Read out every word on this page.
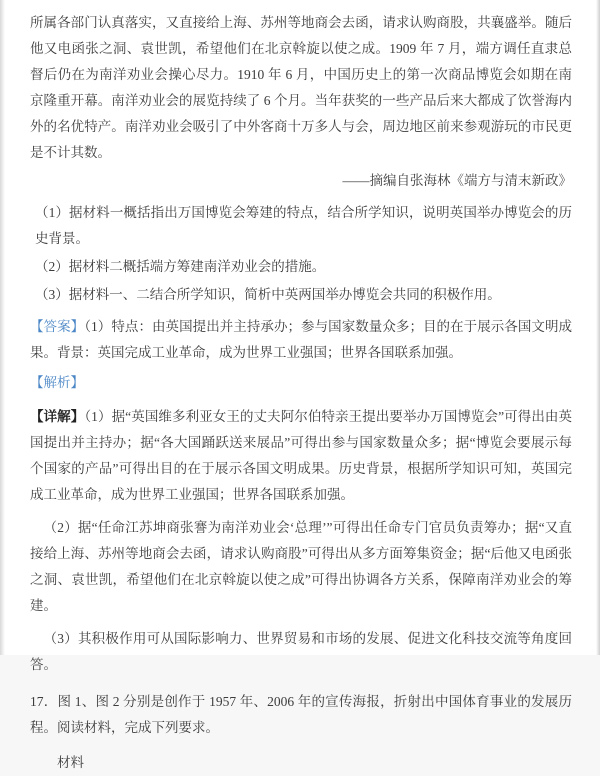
所属各部门认真落实，又直接给上海、苏州等地商会去函，请求认购商股，共襄盛举。随后他又电函张之洞、袁世凯，希望他们在北京斡旋以使之成。1909 年 7 月，端方调任直隶总督后仍在为南洋劝业会操心尽力。1910 年 6 月，中国历史上的第一次商品博览会如期在南京隆重开幕。南洋劝业会的展览持续了 6 个月。当年获奖的一些产品后来大都成了饮誉海内外的名优特产。南洋劝业会吸引了中外客商十万多人与会，周边地区前来参观游玩的市民更是不计其数。

——摘编自张海林《端方与清末新政》

（1）据材料一概括指出万国博览会筹建的特点，结合所学知识，说明英国举办博览会的历史背景。

（2）据材料二概括端方筹建南洋劝业会的措施。

（3）据材料一、二结合所学知识，简析中英两国举办博览会共同的积极作用。

【答案】（1）特点：由英国提出并主持承办；参与国家数量众多；目的在于展示各国文明成果。背景：英国完成工业革命，成为世界工业强国；世界各国联系加强。

【解析】

【详解】（1）据“英国维多利亚女王的丈夫阿尔伯特亲王提出要举办万国博览会”可得出由英国提出并主持办；据“各大国踊跃送来展品”可得出参与国家数量众多；据“博览会要展示每个国家的产品”可得出目的在于展示各国文明成果。历史背景，根据所学知识可知，英国完成工业革命，成为世界工业强国；世界各国联系加强。

（2）据“任命江苏坤商张謇为南洋劝业会‘总理’”可得出任命专门官员负责筹办；据“又直接给上海、苏州等地商会去函，请求认购商股”可得出从多方面筹集资金；据“后他又电函张之洞、袁世凯，希望他们在北京斡旋以使之成”可得出协调各方关系，保障南洋劝业会的筹建。

（3）其积极作用可从国际影响力、世界贸易和市场的发展、促进文化科技交流等角度回答。

17．图 1、图 2 分别是创作于 1957 年、2006 年的宣传海报，折射出中国体育事业的发展历程。阅读材料，完成下列要求。

材料
